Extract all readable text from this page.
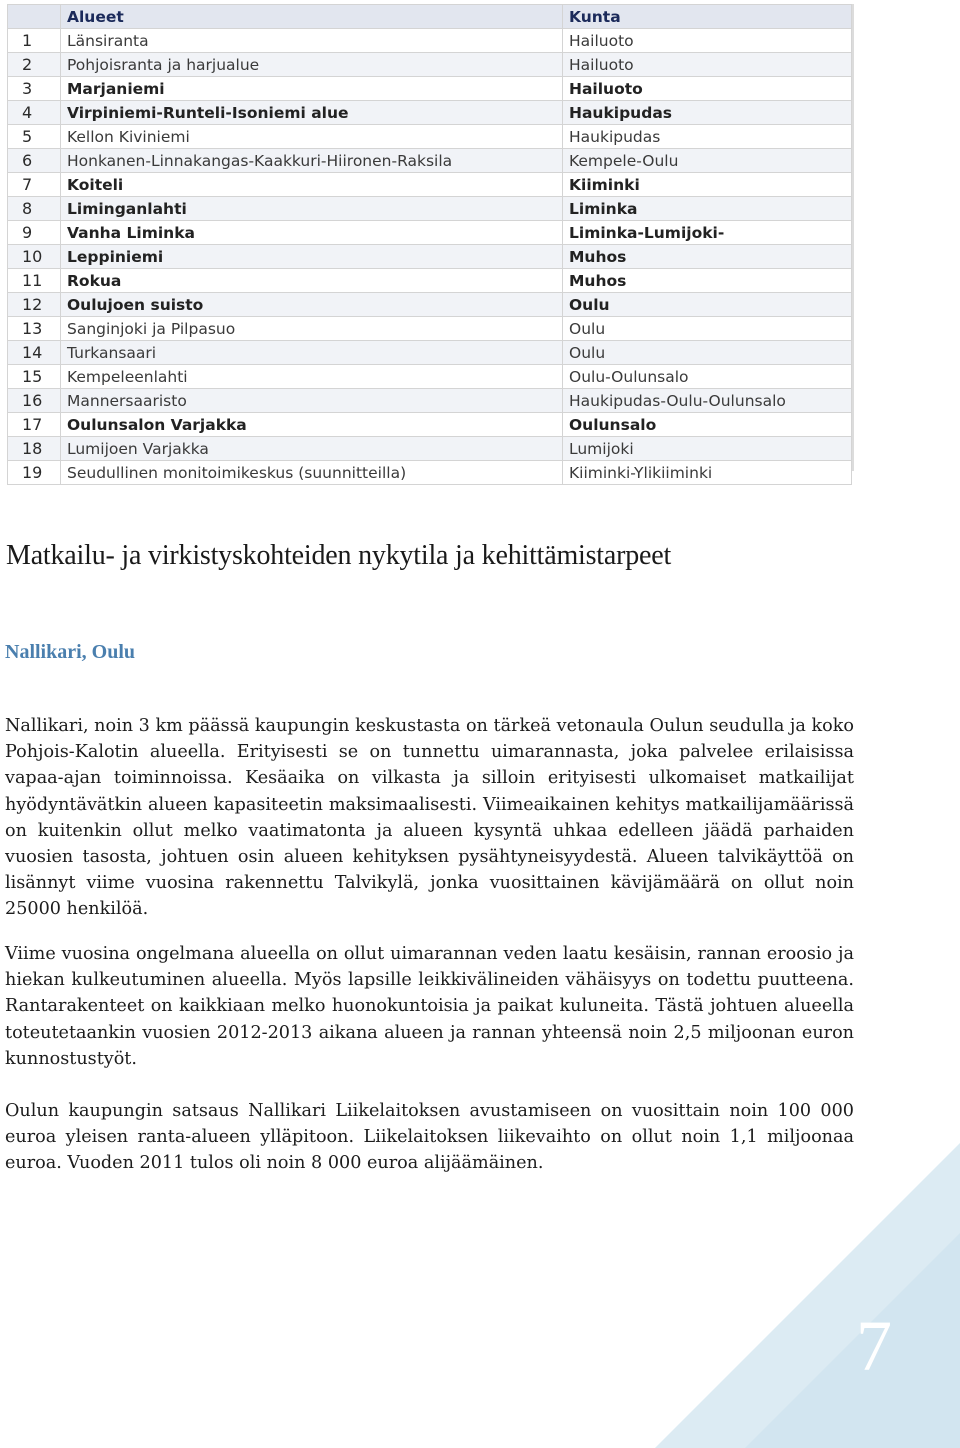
	Alueet	Kunta
1	Länsiranta	Hailuoto
2	Pohjoisranta ja harjualue	Hailuoto
3	Marjaniemi	Hailuoto
4	Virpiniemi-Runteli-Isoniemi alue	Haukipudas
5	Kellon Kiviniemi	Haukipudas
6	Honkanen-Linnakangas-Kaakkuri-Hiironen-Raksila	Kempele-Oulu
7	Koiteli	Kiiminki
8	Liminganlahti	Liminka
9	Vanha Liminka	Liminka-Lumijoki-
10	Leppiniemi	Muhos
11	Rokua	Muhos
12	Oulujoen suisto	Oulu
13	Sanginjoki ja Pilpasuo	Oulu
14	Turkansaari	Oulu
15	Kempeleenlahti	Oulu-Oulunsalo
16	Mannersaaristo	Haukipudas-Oulu-Oulunsalo
17	Oulunsalon Varjakka	Oulunsalo
18	Lumijoen Varjakka	Lumijoki
19	Seudullinen monitoimikeskus (suunnitteilla)	Kiiminki-Ylikiiminki
Matkailu- ja virkistyskohteiden nykytila ja kehittämistarpeet
Nallikari, Oulu

Nallikari, noin 3 km päässä kaupungin keskustasta on tärkeä vetonaula Oulun seudulla ja koko Pohjois-Kalotin alueella. Erityisesti se on tunnettu uimarannasta, joka palvelee erilaisissa vapaa-ajan toiminnoissa. Kesäaika on vilkasta ja silloin erityisesti ulkomaiset matkailijat hyödyntävätkin alueen kapasiteetin maksimaalisesti. Viimeaikainen kehitys matkailijamäärissä on kuitenkin ollut melko vaatimatonta ja alueen kysyntä uhkaa edelleen jäädä parhaiden vuosien tasosta, johtuen osin alueen kehityksen pysähtyneisyydestä. Alueen talvikäyttöä on lisännyt viime vuosina rakennettu Talvikylä, jonka vuosittainen kävijämäärä on ollut noin 25000 henkilöä.

Viime vuosina ongelmana alueella on ollut uimarannan veden laatu kesäisin, rannan eroosio ja hiekan kulkeutuminen alueella. Myös lapsille leikkivälineiden vähäisyys on todettu puutteena. Rantarakenteet on kaikkiaan melko huonokuntoisia ja paikat kuluneita. Tästä johtuen alueella toteutetaankin vuosien 2012-2013 aikana alueen ja rannan yhteensä noin 2,5 miljoonan euron kunnostustyöt.

Oulun kaupungin satsaus Nallikari Liikelaitoksen avustamiseen on vuosittain noin 100 000 euroa yleisen ranta-alueen ylläpitoon. Liikelaitoksen liikevaihto on ollut noin 1,1 miljoonaa euroa. Vuoden 2011 tulos oli noin 8 000 euroa alijäämäinen.

7
